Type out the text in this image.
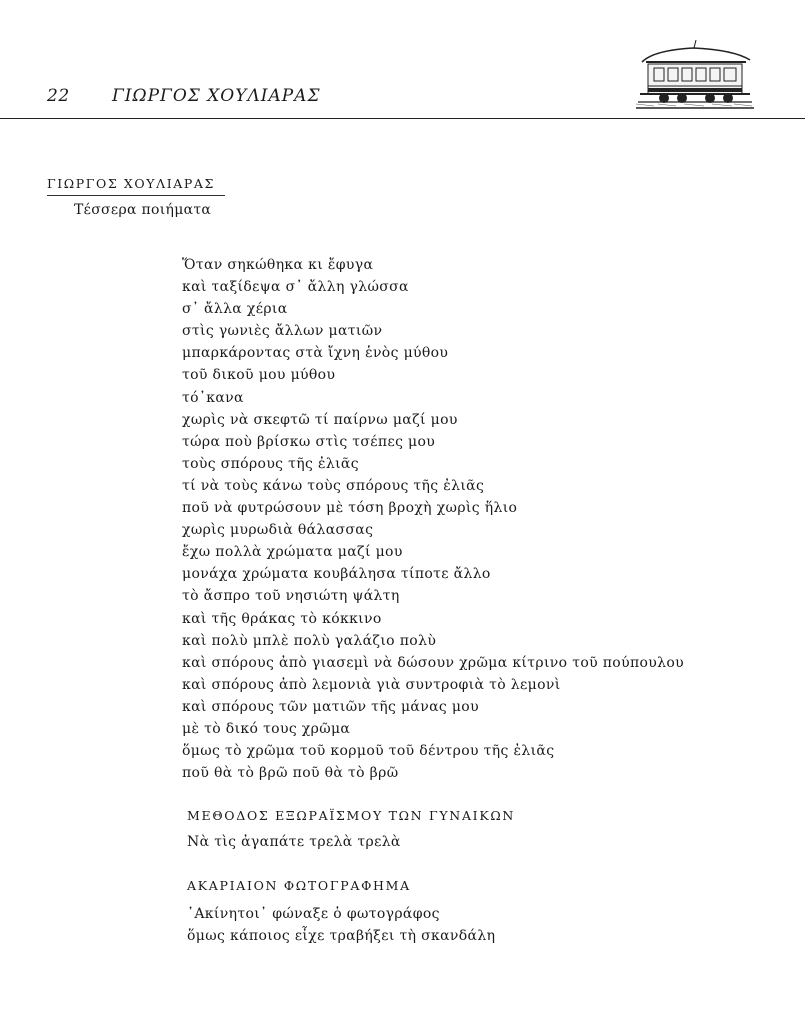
22 ΓΙΩΡΓΟΣ ΧΟΥΛΙΑΡΑΣ
ΓΙΩΡΓΟΣ ΧΟΥΛΙΑΡΑΣ
Τέσσερα ποιήματα
Ὅταν σηκώθηκα κι ἔφυγα
καὶ ταξίδεψα σ᾽ ἄλλη γλώσσα
σ᾽ ἄλλα χέρια
στὶς γωνιὲς ἄλλων ματιῶν
μπαρκάροντας στὰ ἴχνη ἑνὸς μύθου
τοῦ δικοῦ μου μύθου
τό᾽κανα
χωρὶς νὰ σκεφτῶ τί παίρνω μαζί μου
τώρα ποὺ βρίσκω στὶς τσέπες μου
τοὺς σπόρους τῆς ἐλιᾶς
τί νὰ τοὺς κάνω τοὺς σπόρους τῆς ἐλιᾶς
ποῦ νὰ φυτρώσουν μὲ τόση βροχὴ χωρὶς ἥλιο
χωρὶς μυρωδιὰ θάλασσας
ἔχω πολλὰ χρώματα μαζί μου
μονάχα χρώματα κουβάλησα τίποτε ἄλλο
τὸ ἄσπρο τοῦ νησιώτη ψάλτη
καὶ τῆς θράκας τὸ κόκκινο
καὶ πολὺ μπλὲ πολὺ γαλάζιο πολὺ
καὶ σπόρους ἀπὸ γιασεμὶ νὰ δώσουν χρῶμα κίτρινο τοῦ πούπουλου
καὶ σπόρους ἀπὸ λεμονιὰ γιὰ συντροφιὰ τὸ λεμονὶ
καὶ σπόρους τῶν ματιῶν τῆς μάνας μου
μὲ τὸ δικό τους χρῶμα
ὅμως τὸ χρῶμα τοῦ κορμοῦ τοῦ δέντρου τῆς ἐλιᾶς
ποῦ θὰ τὸ βρῶ ποῦ θὰ τὸ βρῶ
ΜΕΘΟΔΟΣ ΕΞΩΡΑΪΣΜΟΥ ΤΩΝ ΓΥΝΑΙΚΩΝ
Νὰ τὶς ἀγαπάτε τρελὰ τρελὰ
ΑΚΑΡΙΑΙΟΝ ΦΩΤΟΓΡΑΦΗΜΑ
᾽Ακίνητοι᾽ φώναξε ὁ φωτογράφος
ὅμως κάποιος εἶχε τραβήξει τὴ σκανδάλη
